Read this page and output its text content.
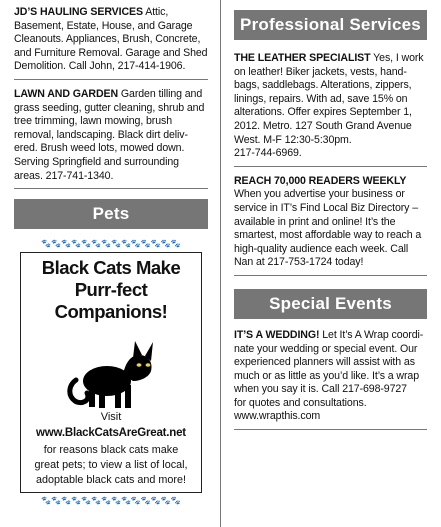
JD’S HAULING SERVICES Attic,
Basement, Estate, House, and Garage
Cleanouts. Appliances, Brush, Concrete,
and Furniture Removal. Garage and Shed
Demolition. Call John, 217-414-1906.

LAWN AND GARDEN Garden tilling and
grass seeding, gutter cleaning, shrub and
tree trimming, lawn mowing, brush
removal, landscaping. Black dirt deliv-
ered. Brush weed lots, mowed down.
Serving Springfield and surrounding
areas. 217-741-1340.

Pets
🐾🐾🐾🐾🐾🐾🐾🐾🐾🐾🐾🐾🐾🐾
Black Cats Make
Purr-fect Companions!
Visit
www.BlackCatsAreGreat.net
for reasons black cats make
great pets; to view a list of local,
adoptable black cats and more!
🐾🐾🐾🐾🐾🐾🐾🐾🐾🐾🐾🐾🐾🐾
Professional Services

THE LEATHER SPECIALIST Yes, I work
on leather! Biker jackets, vests, hand-
bags, saddlebags. Alterations, zippers,
linings, repairs. With ad, save 15% on
alterations. Offer expires September 1,
2012. Metro. 127 South Grand Avenue
West. M-F 12:30-5:30pm.
217-744-6969.

REACH 70,000 READERS WEEKLY
When you advertise your business or
service in IT’s Find Local Biz Directory –
available in print and online! It’s the
smartest, most affordable way to reach a
high-quality audience each week. Call
Nan at 217-753-1724 today!

Special Events

IT’S A WEDDING! Let It’s A Wrap coordi-
nate your wedding or special event. Our
experienced planners will assist with as
much or as little as you’d like. It’s a wrap
when you say it is. Call 217-698-9727
for quotes and consultations.
www.wrapthis.com
